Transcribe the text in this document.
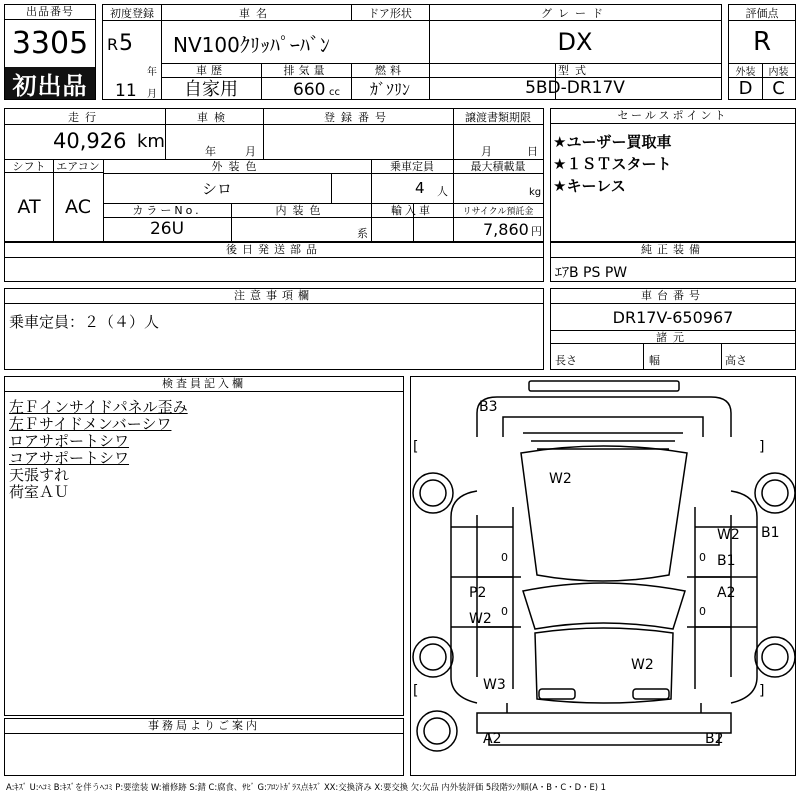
出品番号
3305
初出品
初度登録
R 5
年
11 月
車名
NV100ｸﾘｯﾊﾟｰﾊﾞﾝ
ドア形状
車歴
自家用
排気量
660 cc
燃料
ｶﾞｿﾘﾝ
グレード
DX
型式
5BD-DR17V
評価点
R
外装	内装
D	C
走行
40,926 km
車検
年	月
登録番号	譲渡書類期限
月	日
シフト
AT
エアコン
AC
外装色
シロ
乗車定員
4 人
最大積載量
kg
カラーNo.
26U
内装色
系
輸入車	リサイクル預託金
7,860 円
後日発送部品
セールスポイント
★ユーザー買取車
★１ＳＴスタート
★キーレス
純正装備
ｴｱB PS PW
注意事項欄
乗車定員：２（４）人
車台番号
DR17V-650967
諸元
長さ	幅	高さ
検査員記入欄
左Ｆインサイドパネル歪み
左Ｆサイドメンバーシワ
ロアサポートシワ
コアサポートシワ
天張すれ
荷室ＡＵ
事務局よりご案内
[	]
[	]
B3
W2
W2 B1
B1
P2	A2
W2
W2
W3
A2	B2
0	0
0	0
A:ｷｽﾞ U:ﾍｺﾐ B:ｷｽﾞを伴うﾍｺﾐ P:要塗装 W:補修跡 S:錆 C:腐食、ｻﾋﾞ G:ﾌﾛﾝﾄｶﾞﾗｽ点ｷｽﾞ XX:交換済み X:要交換 欠:欠品 内外装評価 5段階ﾗﾝｸ順(A・B・C・D・E) 1
